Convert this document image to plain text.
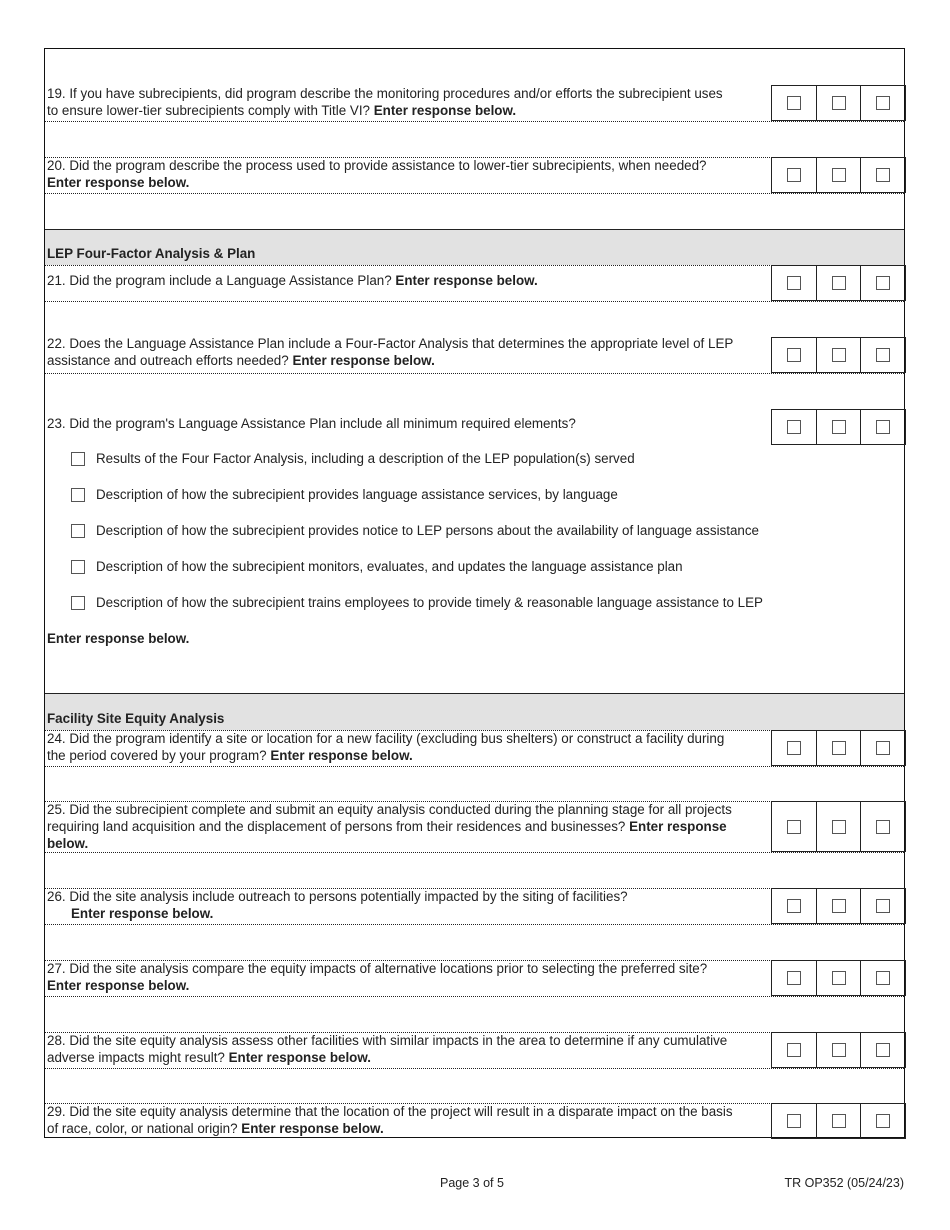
19. If you have subrecipients, did program describe the monitoring procedures and/or efforts the subrecipient uses to ensure lower-tier subrecipients comply with Title VI? Enter response below.
20. Did the program describe the process used to provide assistance to lower-tier subrecipients, when needed? Enter response below.
LEP Four-Factor Analysis & Plan
21. Did the program include a Language Assistance Plan? Enter response below.
22. Does the Language Assistance Plan include a Four-Factor Analysis that determines the appropriate level of LEP assistance and outreach efforts needed? Enter response below.
23. Did the program's Language Assistance Plan include all minimum required elements?
Results of the Four Factor Analysis, including a description of the LEP population(s) served
Description of how the subrecipient provides language assistance services, by language
Description of how the subrecipient provides notice to LEP persons about the availability of language assistance
Description of how the subrecipient monitors, evaluates, and updates the language assistance plan
Description of how the subrecipient trains employees to provide timely & reasonable language assistance to LEP
Enter response below.
Facility Site Equity Analysis
24. Did the program identify a site or location for a new facility (excluding bus shelters) or construct a facility during the period covered by your program? Enter response below.
25. Did the subrecipient complete and submit an equity analysis conducted during the planning stage for all projects requiring land acquisition and the displacement of persons from their residences and businesses? Enter response below.
26. Did the site analysis include outreach to persons potentially impacted by the siting of facilities?
Enter response below.
27. Did the site analysis compare the equity impacts of alternative locations prior to selecting the preferred site? Enter response below.
28. Did the site equity analysis assess other facilities with similar impacts in the area to determine if any cumulative adverse impacts might result? Enter response below.
29. Did the site equity analysis determine that the location of the project will result in a disparate impact on the basis of race, color, or national origin? Enter response below.
Page 3 of 5	TR OP352 (05/24/23)
